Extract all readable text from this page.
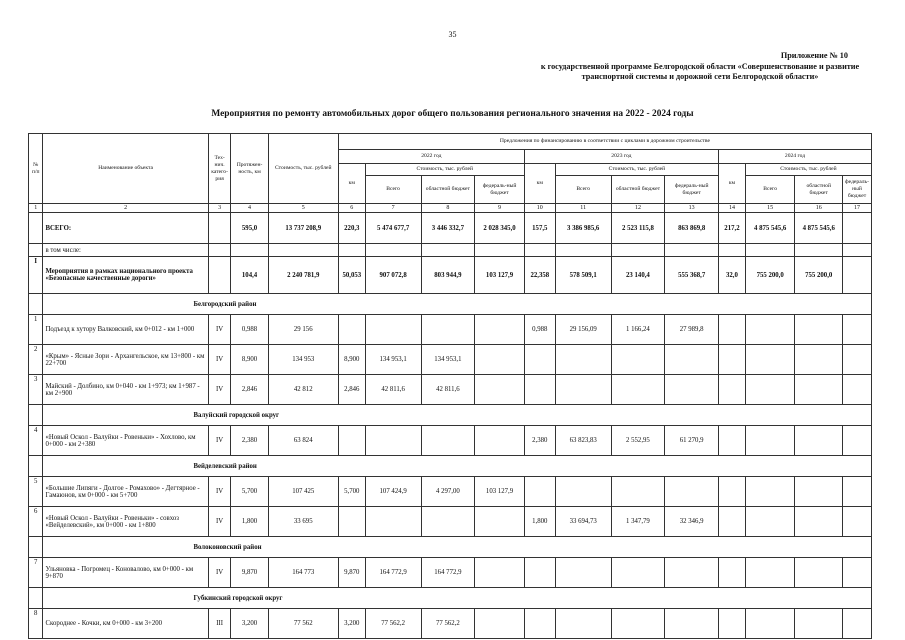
35
Приложение № 10
к государственной программе Белгородской области «Совершенствование и развитие
транспортной системы и дорожной сети Белгородской области»
Мероприятия по ремонту автомобильных дорог общего пользования регионального значения на 2022 - 2024 годы
№ п/п	Наименование объекта	Тех-нич. катего-рия	Протяжен-ность, км	Стоимость, тыс. рублей	Предложения по финансированию в соответствии с циклами в дорожном строительстве											
					2022 год				2023 год				2024 год			
					км	Стоимость, тыс. рублей			км	Стоимость, тыс. рублей			км	Стоимость, тыс. рублей		
						Всего	областной бюджет	федераль-ный бюджет		Всего	областной бюджет	федераль-ный бюджет		Всего	областной бюджет	федераль-ный бюджет
1	2	3	4	5	6	7	8	9	10	11	12	13	14	15	16	17
	ВСЕГО:		595,0	13 737 208,9	220,3	5 474 677,7	3 446 332,7	2 028 345,0	157,5	3 386 985,6	2 523 115,8	863 869,8	217,2	4 875 545,6	4 875 545,6	
	в том числе:															
I	Мероприятия в рамках национального проекта «Безопасные качественные дороги»		104,4	2 240 781,9	50,053	907 072,8	803 944,9	103 127,9	22,358	578 509,1	23 140,4	555 368,7	32,0	755 200,0	755 200,0	
	Белгородский район															
1	Подъезд к хутору Валковский, км 0+012 - км 1+000	IV	0,988	29 156					0,988	29 156,09	1 166,24	27 989,8				
2	«Крым» - Ясные Зори - Архангельское, км 13+800 - км 22+700	IV	8,900	134 953	8,900	134 953,1	134 953,1									
3	Майский - Долбино, км 0+040 - км 1+973; км 1+987 - км 2+900	IV	2,846	42 812	2,846	42 811,6	42 811,6									
	Валуйский городской округ															
4	«Новый Оскол - Валуйки - Ровеньки» - Хохлово, км 0+000 - км 2+380	IV	2,380	63 824					2,380	63 823,83	2 552,95	61 270,9				
	Вейделевский район															
5	«Большие Липяги - Долгое - Ромахово» - Дегтярное - Гамаюнов, км 0+000 - км 5+700	IV	5,700	107 425	5,700	107 424,9	4 297,00	103 127,9								
6	«Новый Оскол - Валуйки - Ровеньки» - совхоз «Вейделевский», км 0+000 - км 1+800	IV	1,800	33 695					1,800	33 694,73	1 347,79	32 346,9				
	Волоконовский район															
7	Ульяновка - Погромец - Коновалово, км 0+000 - км 9+870	IV	9,870	164 773	9,870	164 772,9	164 772,9									
	Губкинский городской округ															
8	Скороднее - Кочки, км 0+000 - км 3+200	III	3,200	77 562	3,200	77 562,2	77 562,2									
